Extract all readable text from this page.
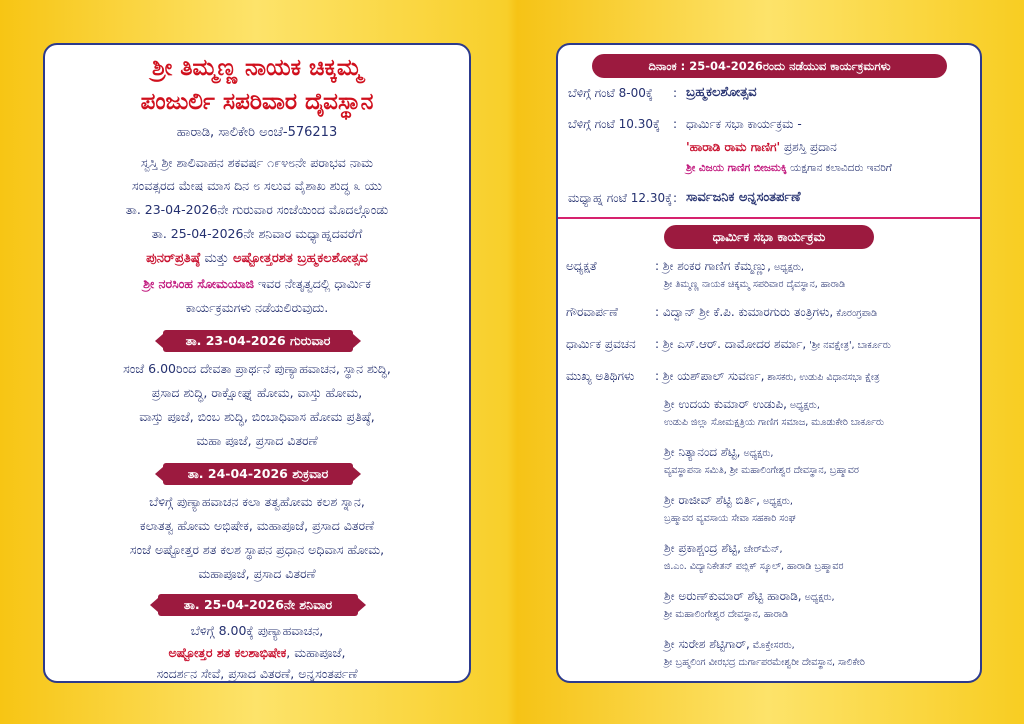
ಶ್ರೀ ತಿಮ್ಮಣ್ಣ ನಾಯಕ ಚಿಕ್ಕಮ್ಮ
ಪಂಜುರ್ಲಿ ಸಪರಿವಾರ ದೈವಸ್ಥಾನ
ಹಾರಾಡಿ, ಸಾಲಿಕೇರಿ ಅಂಚೆ-576213
ಸ್ವಸ್ತಿ ಶ್ರೀ ಶಾಲಿವಾಹನ ಶಕವರ್ಷ ೧೯೪೮ನೇ ಪರಾಭವ ನಾಮ
ಸಂವತ್ಸರದ ಮೇಷ ಮಾಸ ದಿನ ೮ ಸಲುವ ವೈಶಾಖ ಶುದ್ಧ ೩ ಯು
ತಾ. 23-04-2026ನೇ ಗುರುವಾರ ಸಂಜೆಯಿಂದ ಮೊದಲ್ಗೊಂಡು
ತಾ. 25-04-2026ನೇ ಶನಿವಾರ ಮಧ್ಯಾಹ್ನದವರೆಗೆ
ಪುನರ್‌ಪ್ರತಿಷ್ಠೆ ಮತ್ತು ಅಷ್ಟೋತ್ತರಶತ ಬ್ರಹ್ಮಕಲಶೋತ್ಸವ
ಶ್ರೀ ನರಸಿಂಹ ಸೋಮಯಾಜಿ ಇವರ ನೇತೃತ್ವದಲ್ಲಿ ಧಾರ್ಮಿಕ
ಕಾರ್ಯಕ್ರಮಗಳು ನಡೆಯಲಿರುವುದು.
ತಾ. 23-04-2026 ಗುರುವಾರ
ಸಂಜೆ 6.00ರಿಂದ ದೇವತಾ ಪ್ರಾರ್ಥನೆ ಪುಣ್ಯಾಹವಾಚನ, ಸ್ಥಾನ ಶುದ್ಧಿ,
ಪ್ರಸಾದ ಶುದ್ಧಿ, ರಾಕ್ಷೋಘ್ನ ಹೋಮ, ವಾಸ್ತು ಹೋಮ,
ವಾಸ್ತು ಪೂಜೆ, ಬಿಂಬ ಶುದ್ಧಿ, ಬಿಂಬಾಧಿವಾಸ ಹೋಮ ಪ್ರತಿಷ್ಠೆ,
ಮಹಾ ಪೂಜೆ, ಪ್ರಸಾದ ವಿತರಣೆ
ತಾ. 24-04-2026 ಶುಕ್ರವಾರ
ಬೆಳಿಗ್ಗೆ ಪುಣ್ಯಾಹವಾಚನ ಕಲಾ ತತ್ವಹೋಮ ಕಲಶ ಸ್ನಾನ,
ಕಲಾತತ್ವ ಹೋಮ ಅಭಿಷೇಕ, ಮಹಾಪೂಜೆ, ಪ್ರಸಾದ ವಿತರಣೆ
ಸಂಜೆ ಅಷ್ಟೋತ್ತರ ಶತ ಕಲಶ ಸ್ಥಾಪನ ಪ್ರಧಾನ ಅಧಿವಾಸ ಹೋಮ,
ಮಹಾಪೂಜೆ, ಪ್ರಸಾದ ವಿತರಣೆ
ತಾ. 25-04-2026ನೇ ಶನಿವಾರ
ಬೆಳಿಗ್ಗೆ 8.00ಕ್ಕೆ ಪುಣ್ಯಾಹವಾಚನ,
ಅಷ್ಟೋತ್ತರ ಶತ ಕಲಶಾಭಿಷೇಕ, ಮಹಾಪೂಜೆ,
ಸಂದರ್ಶನ ಸೇವೆ, ಪ್ರಸಾದ ವಿತರಣೆ, ಅನ್ನಸಂತರ್ಪಣೆ
ದಿನಾಂಕ : 25-04-2026ರಂದು ನಡೆಯುವ ಕಾರ್ಯಕ್ರಮಗಳು
ಬೆಳಿಗ್ಗೆ ಗಂಟೆ 8-00ಕ್ಕೆ : ಬ್ರಹ್ಮಕಲಶೋತ್ಸವ
ಬೆಳಿಗ್ಗೆ ಗಂಟೆ 10.30ಕ್ಕೆ : ಧಾರ್ಮಿಕ ಸಭಾ ಕಾರ್ಯಕ್ರಮ -
'ಹಾರಾಡಿ ರಾಮ ಗಾಣಿಗ' ಪ್ರಶಸ್ತಿ ಪ್ರದಾನ
ಶ್ರೀ ವಿಜಯ ಗಾಣಿಗ ಬೀಜಮಕ್ಕಿ ಯಕ್ಷಗಾನ ಕಲಾವಿದರು ಇವರಿಗೆ
ಮಧ್ಯಾಹ್ನ ಗಂಟೆ 12.30ಕ್ಕೆ : ಸಾರ್ವಜನಿಕ ಅನ್ನಸಂತರ್ಪಣೆ
ಧಾರ್ಮಿಕ ಸಭಾ ಕಾರ್ಯಕ್ರಮ
ಅಧ್ಯಕ್ಷತೆ	: ಶ್ರೀ ಶಂಕರ ಗಾಣಿಗ ಕೆಮ್ಮಣ್ಣು, ಅಧ್ಯಕ್ಷರು,
ಶ್ರೀ ತಿಮ್ಮಣ್ಣ ನಾಯಕ ಚಿಕ್ಕಮ್ಮ ಸಪರಿವಾರ ದೈವಸ್ಥಾನ, ಹಾರಾಡಿ
ಗೌರವಾರ್ಪಣೆ	: ವಿದ್ವಾನ್ ಶ್ರೀ ಕೆ.ಪಿ. ಕುಮಾರಗುರು ತಂತ್ರಿಗಳು, ಕೊರಂಗ್ರಪಾಡಿ
ಧಾರ್ಮಿಕ ಪ್ರವಚನ : ಶ್ರೀ ಎಸ್.ಆರ್. ದಾಮೋದರ ಶರ್ಮಾ, 'ಶ್ರೀ ನವಕ್ಷೇತ್ರ', ಬಾರ್ಕೂರು
ಮುಖ್ಯ ಅತಿಥಿಗಳು : ಶ್ರೀ ಯಶ್‌ಪಾಲ್ ಸುವರ್ಣ, ಶಾಸಕರು, ಉಡುಪಿ ವಿಧಾನಸಭಾ ಕ್ಷೇತ್ರ
ಶ್ರೀ ಉದಯ ಕುಮಾರ್ ಉಡುಪಿ, ಅಧ್ಯಕ್ಷರು,
ಉಡುಪಿ ಜಿಲ್ಲಾ ಸೋಮಕ್ಷತ್ರಿಯ ಗಾಣಿಗ ಸಮಾಜ, ಮೂಡುಕೇರಿ ಬಾರ್ಕೂರು
ಶ್ರೀ ನಿತ್ಯಾನಂದ ಶೆಟ್ಟಿ, ಅಧ್ಯಕ್ಷರು,
ವ್ಯವಸ್ಥಾಪನಾ ಸಮಿತಿ, ಶ್ರೀ ಮಹಾಲಿಂಗೇಶ್ವರ ದೇವಸ್ಥಾನ, ಬ್ರಹ್ಮಾವರ
ಶ್ರೀ ರಾಜೀವ್ ಶೆಟ್ಟಿ ಬಿರ್ತಿ, ಅಧ್ಯಕ್ಷರು,
ಬ್ರಹ್ಮಾವರ ವ್ಯವಸಾಯ ಸೇವಾ ಸಹಕಾರಿ ಸಂಘ
ಶ್ರೀ ಪ್ರಕಾಶ್ಚಂದ್ರ ಶೆಟ್ಟಿ, ಚೇರ್‌ಮೆನ್,
ಜಿ.ಎಂ. ವಿದ್ಯಾನಿಕೇತನ್ ಪಬ್ಲಿಕ್ ಸ್ಕೂಲ್, ಹಾರಾಡಿ ಬ್ರಹ್ಮಾವರ
ಶ್ರೀ ಅರುಣ್‌ಕುಮಾರ್ ಶೆಟ್ಟಿ ಹಾರಾಡಿ, ಅಧ್ಯಕ್ಷರು,
ಶ್ರೀ ಮಹಾಲಿಂಗೇಶ್ವರ ದೇವಸ್ಥಾನ, ಹಾರಾಡಿ
ಶ್ರೀ ಸುರೇಶ ಶೆಟ್ಟಿಗಾರ್, ಮೊಕ್ತೇಸರರು,
ಶ್ರೀ ಬ್ರಹ್ಮಲಿಂಗ ವೀರಭದ್ರ ದುರ್ಗಾಪರಮೇಶ್ವರೀ ದೇವಸ್ಥಾನ, ಸಾಲಿಕೇರಿ
